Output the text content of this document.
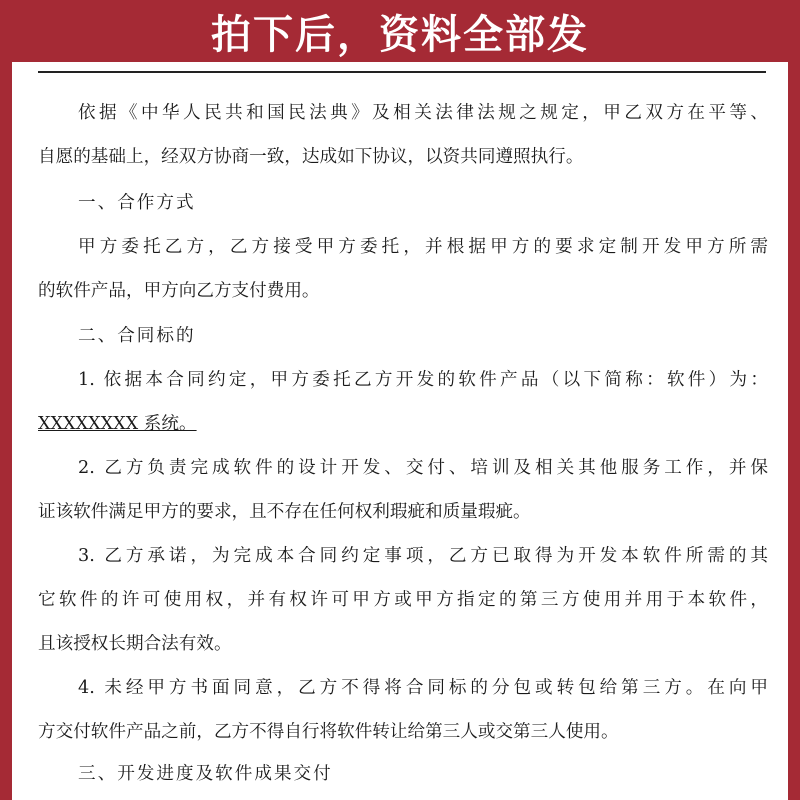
拍下后，资料全部发
依据《中华人民共和国民法典》及相关法律法规之规定，甲乙双方在平等、
自愿的基础上，经双方协商一致，达成如下协议，以资共同遵照执行。
一、合作方式
甲方委托乙方，乙方接受甲方委托，并根据甲方的要求定制开发甲方所需
的软件产品，甲方向乙方支付费用。
二、合同标的
1. 依据本合同约定，甲方委托乙方开发的软件产品（以下简称：软件）为：
XXXXXXXX 系统。
2. 乙方负责完成软件的设计开发、交付、培训及相关其他服务工作，并保
证该软件满足甲方的要求，且不存在任何权利瑕疵和质量瑕疵。
3. 乙方承诺，为完成本合同约定事项，乙方已取得为开发本软件所需的其
它软件的许可使用权，并有权许可甲方或甲方指定的第三方使用并用于本软件，
且该授权长期合法有效。
4. 未经甲方书面同意，乙方不得将合同标的分包或转包给第三方。在向甲
方交付软件产品之前，乙方不得自行将软件转让给第三人或交第三人使用。
三、开发进度及软件成果交付
